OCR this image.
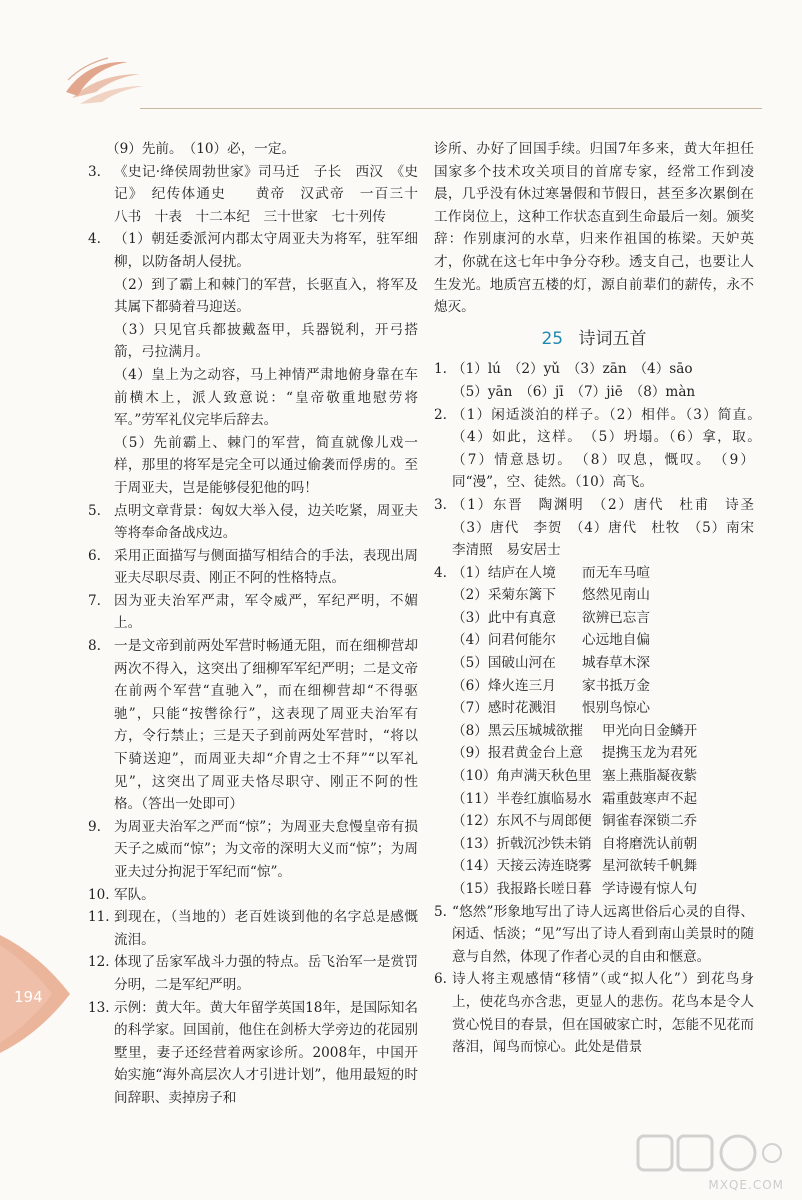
（9）先前。　（10）必，一定。

3. 《史记·绛侯周勃世家》司马迁　子长　西汉　《史记》　纪传体通史　　黄帝　汉武帝　一百三十　八书　十表　十二本纪　三十世家　七十列传

4. （1）朝廷委派河内郡太守周亚夫为将军，驻军细柳，以防备胡人侵扰。

（2）到了霸上和棘门的军营，长驱直入，将军及其属下都骑着马迎送。

（3）只见官兵都披戴盔甲，兵器锐利，开弓搭箭，弓拉满月。

（4）皇上为之动容，马上神情严肃地俯身靠在车前横木上，派人致意说：“皇帝敬重地慰劳将军。”劳军礼仪完毕后辞去。

（5）先前霸上、棘门的军营，简直就像儿戏一样，那里的将军是完全可以通过偷袭而俘虏的。至于周亚夫，岂是能够侵犯他的吗！

5. 点明文章背景：匈奴大举入侵，边关吃紧，周亚夫等将奉命备战戍边。

6. 采用正面描写与侧面描写相结合的手法，表现出周亚夫尽职尽责、刚正不阿的性格特点。

7. 因为亚夫治军严肃，军令威严，军纪严明，不媚上。

8. 一是文帝到前两处军营时畅通无阻，而在细柳营却两次不得入，这突出了细柳军军纪严明；二是文帝在前两个军营“直驰入”，而在细柳营却“不得驱驰”，只能“按辔徐行”，这表现了周亚夫治军有方，令行禁止；三是天子到前两处军营时，“将以下骑送迎”，而周亚夫却“介胄之士不拜”“以军礼见”，这突出了周亚夫恪尽职守、刚正不阿的性格。（答出一处即可）

9. 为周亚夫治军之严而“惊”；为周亚夫怠慢皇帝有损天子之威而“惊”；为文帝的深明大义而“惊”；为周亚夫过分拘泥于军纪而“惊”。

10. 军队。

11. 到现在，（当地的）老百姓谈到他的名字总是感慨流泪。

12. 体现了岳家军战斗力强的特点。岳飞治军一是赏罚分明，二是军纪严明。

13. 示例：黄大年。黄大年留学英国18年，是国际知名的科学家。回国前，他住在剑桥大学旁边的花园别墅里，妻子还经营着两家诊所。2008年，中国开始实施“海外高层次人才引进计划”，他用最短的时间辞职、卖掉房子和

诊所、办好了回国手续。归国7年多来，黄大年担任国家多个技术攻关项目的首席专家，经常工作到凌晨，几乎没有休过寒暑假和节假日，甚至多次累倒在工作岗位上，这种工作状态直到生命最后一刻。颁奖辞：作别康河的水草，归来作祖国的栋梁。天妒英才，你就在这七年中争分夺秒。透支自己，也要让人生发光。地质宫五楼的灯，源自前辈们的薪传，永不熄灭。

25 诗词五首
1. （1）lú　（2）yǔ　（3）zān　（4）sāo

（5）yān　（6）jī　（7）jiē　（8）màn

2. （1）闲适淡泊的样子。（2）相伴。（3）简直。　（4）如此，这样。　（5）坍塌。（6）拿，取。　（7）情意恳切。　（8）叹息，慨叹。　（9）同“漫”，空、徒然。（10）高飞。

3. （1）东晋　陶渊明　（2）唐代　杜甫　诗圣　（3）唐代　李贺　（4）唐代　杜牧　（5）南宋　李清照　易安居士

4. （1）结庐在人境	而无车马喧
（2）采菊东篱下	悠然见南山
（3）此中有真意	欲辨已忘言
（4）问君何能尔	心远地自偏
（5）国破山河在	城春草木深
（6）烽火连三月	家书抵万金
（7）感时花溅泪	恨别鸟惊心
（8）黑云压城城欲摧	甲光向日金鳞开
（9）报君黄金台上意	提携玉龙为君死
（10）角声满天秋色里 塞上燕脂凝夜紫
（11）半卷红旗临易水 霜重鼓寒声不起
（12）东风不与周郎便 铜雀春深锁二乔
（13）折戟沉沙铁未销 自将磨洗认前朝
（14）天接云涛连晓雾 星河欲转千帆舞
（15）我报路长嗟日暮 学诗谩有惊人句
5. “悠然”形象地写出了诗人远离世俗后心灵的自得、闲适、恬淡；“见”写出了诗人看到南山美景时的随意与自然，体现了作者心灵的自由和惬意。

6. 诗人将主观感情“移情”（或“拟人化”）到花鸟身上，使花鸟亦含悲，更显人的悲伤。花鸟本是令人赏心悦目的春景，但在国破家亡时，怎能不见花而落泪，闻鸟而惊心。此处是借景

194
MXQE.COM
